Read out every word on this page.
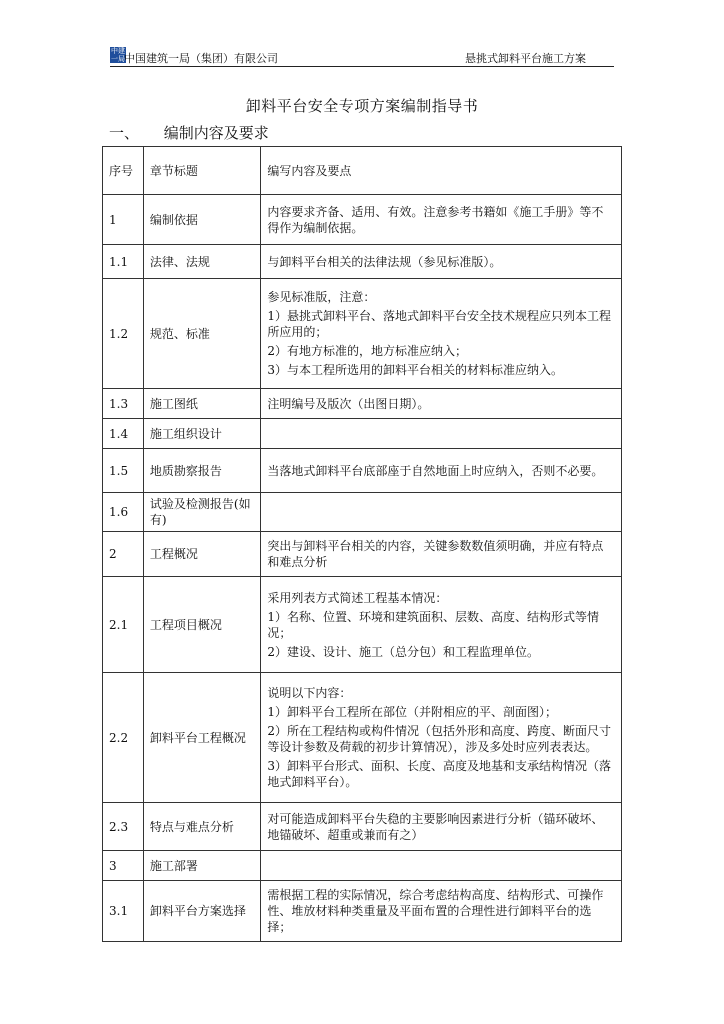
中建
一局 中国建筑一局（集团）有限公司	悬挑式卸料平台施工方案
卸料平台安全专项方案编制指导书
一、 编制内容及要求
序号	章节标题	编写内容及要点
1	编制依据	内容要求齐备、适用、有效。注意参考书籍如《施工手册》等不得作为编制依据。

1.1	法律、法规	与卸料平台相关的法律法规（参见标准版）。

1.2	规范、标准	参见标准版，注意：
1）悬挑式卸料平台、落地式卸料平台安全技术规程应只列本工程所应用的；
2）有地方标准的，地方标准应纳入；
3）与本工程所选用的卸料平台相关的材料标准应纳入。

1.3	施工图纸	注明编号及版次（出图日期）。

1.4	施工组织设计	
1.5	地质勘察报告	当落地式卸料平台底部座于自然地面上时应纳入，否则不必要。

1.6	试验及检测报告(如有)	
2	工程概况	突出与卸料平台相关的内容，关键参数数值须明确，并应有特点和难点分析

2.1	工程项目概况	采用列表方式简述工程基本情况：
1）名称、位置、环境和建筑面积、层数、高度、结构形式等情况；
2）建设、设计、施工（总分包）和工程监理单位。

2.2	卸料平台工程概况	说明以下内容：
1）卸料平台工程所在部位（并附相应的平、剖面图）；
2）所在工程结构或构件情况（包括外形和高度、跨度、断面尺寸等设计参数及荷载的初步计算情况），涉及多处时应列表表达。
3）卸料平台形式、面积、长度、高度及地基和支承结构情况（落地式卸料平台）。

2.3	特点与难点分析	对可能造成卸料平台失稳的主要影响因素进行分析（锚环破坏、地锚破坏、超重或兼而有之）

3	施工部署	
3.1	卸料平台方案选择	需根据工程的实际情况，综合考虑结构高度、结构形式、可操作性、堆放材料种类重量及平面布置的合理性进行卸料平台的选择；
